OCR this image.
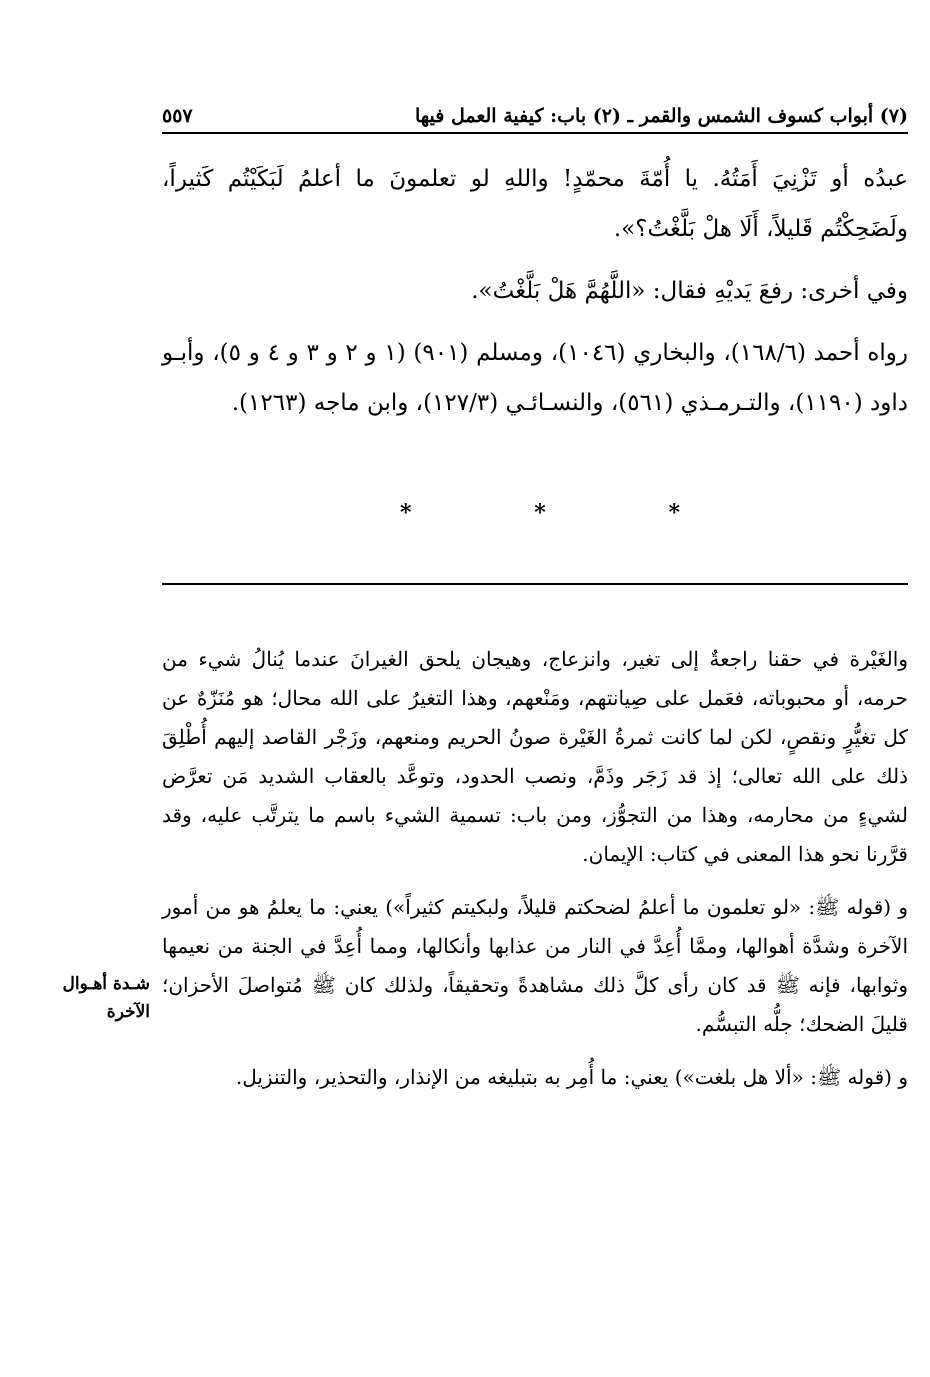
(٧) أبواب كسوف الشمس والقمر ـ (٢) باب: كيفية العمل فيها
٥٥٧

عبدُه أو تَزْنِيَ أَمَتُهُ. يا أُمّةَ محمّدٍ! واللهِ لو تعلمونَ ما أعلمُ لَبَكَيْتُم كَثيراً، ولَضَحِكْتُم قَليلاً، أَلَا هلْ بَلَّغْتُ؟».

وفي أخرى: رفعَ يَديْهِ فقال: «اللَّهُمَّ هَلْ بَلَّغْتُ».

رواه أحمد (١٦٨/٦)، والبخاري (١٠٤٦)، ومسلم (٩٠١) (١ و ٢ و ٣ و ٤ و ٥)، وأبـو داود (١١٩٠)، والتـرمـذي (٥٦١)، والنسـائـي (١٢٧/٣)، وابن ماجه (١٢٦٣).

*	*	*

والغَيْرة في حقنا راجعةٌ إلى تغير، وانزعاج، وهيجان يلحق الغيرانَ عندما يُنالُ شيء من حرمه، أو محبوباته، فعَمل على صِيانتهم، ومَنْعهم، وهذا التغيرُ على الله محال؛ هو مُنَزّهٌ عن كل تغيُّرٍ ونقصٍ، لكن لما كانت ثمرةُ الغَيْرة صونُ الحريم ومنعهم، وزَجْر القاصد إليهم أُطْلِقَ ذلك على الله تعالى؛ إذ قد زَجَر وذَمَّ، ونصب الحدود، وتوعَّد بالعقاب الشديد مَن تعرَّض لشيءٍ من محارمه، وهذا من التجوُّز، ومن باب: تسمية الشيء باسم ما يترتَّب عليه، وقد قرَّرنا نحو هذا المعنى في كتاب: الإيمان.

و (قوله ﷺ: «لو تعلمون ما أعلمُ لضحكتم قليلاً، ولبكيتم كثيراً») يعني: ما يعلمُ هو من أمور الآخرة وشدَّة أهوالها، وممَّا أُعِدَّ في النار من عذابها وأنكالها، ومما أُعِدَّ في الجنة من نعيمها وثوابها، فإنه ﷺ قد كان رأى كلَّ ذلك مشاهدةً وتحقيقاً، ولذلك كان ﷺ مُتواصلَ الأحزان؛ قليلَ الضحك؛ جلُّه التبسُّم.

و (قوله ﷺ: «ألا هل بلغت») يعني: ما أُمِر به بتبليغه من الإنذار، والتحذير، والتنزيل.

شـدة أهـوال الآخرة
